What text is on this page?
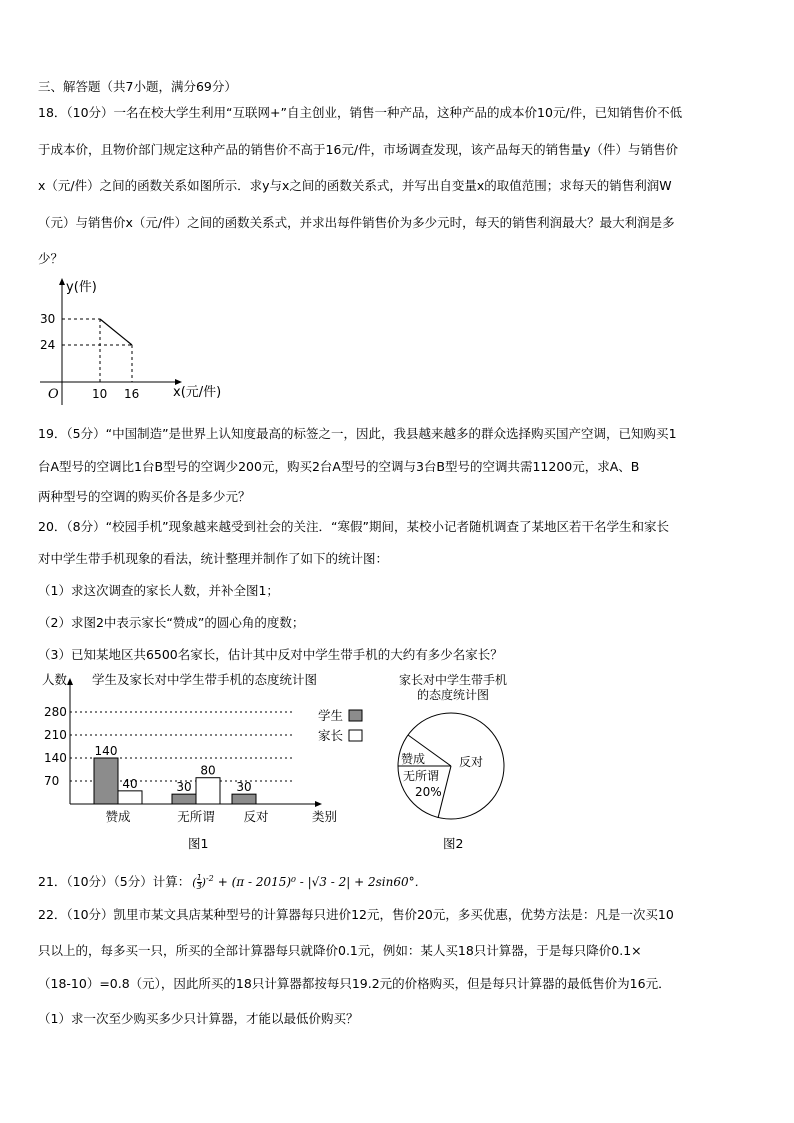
三、解答题（共7小题，满分69分）
18．（10分）一名在校大学生利用“互联网+”自主创业，销售一种产品，这种产品的成本价10元/件，已知销售价不低
于成本价，且物价部门规定这种产品的销售价不高于16元/件，市场调查发现，该产品每天的销售量y（件）与销售价
x（元/件）之间的函数关系如图所示．求y与x之间的函数关系式，并写出自变量x的取值范围；求每天的销售利润W
（元）与销售价x（元/件）之间的函数关系式，并求出每件销售价为多少元时，每天的销售利润最大？最大利润是多
少？
y(件)
x(元/件)
O
30
24
10 16
19．（5分）“中国制造”是世界上认知度最高的标签之一，因此，我县越来越多的群众选择购买国产空调，已知购买1
台A型号的空调比1台B型号的空调少200元，购买2台A型号的空调与3台B型号的空调共需11200元，求A、B
两种型号的空调的购买价各是多少元？
20．（8分）“校园手机”现象越来越受到社会的关注．“寒假”期间，某校小记者随机调查了某地区若干名学生和家长
对中学生带手机现象的看法，统计整理并制作了如下的统计图：
（1）求这次调查的家长人数，并补全图1；
（2）求图2中表示家长“赞成”的圆心角的度数；
（3）已知某地区共6500名家长，估计其中反对中学生带手机的大约有多少名家长？
人数 学生及家长对中学生带手机的态度统计图
类别
70
140
210
280
140
40
赞成
30
80
无所谓
30
反对
学生
家长
图1
家长对中学生带手机
的态度统计图
赞成
无所谓
20%
反对
图2
21．（10分）（5分）计算： ( $\frac{1}{3} )^{-2} + (\pi - 2015)^0 - |√3 - 2| + 2\sin 60^\circ$．
22．（10分）凯里市某文具店某种型号的计算器每只进价12元，售价20元，多买优惠，优势方法是：凡是一次买10
只以上的，每多买一只，所买的全部计算器每只就降价0.1元，例如：某人买18只计算器，于是每只降价0.1×
（18-10）=0.8（元），因此所买的18只计算器都按每只19.2元的价格购买，但是每只计算器的最低售价为16元．
（1）求一次至少购买多少只计算器，才能以最低价购买？
